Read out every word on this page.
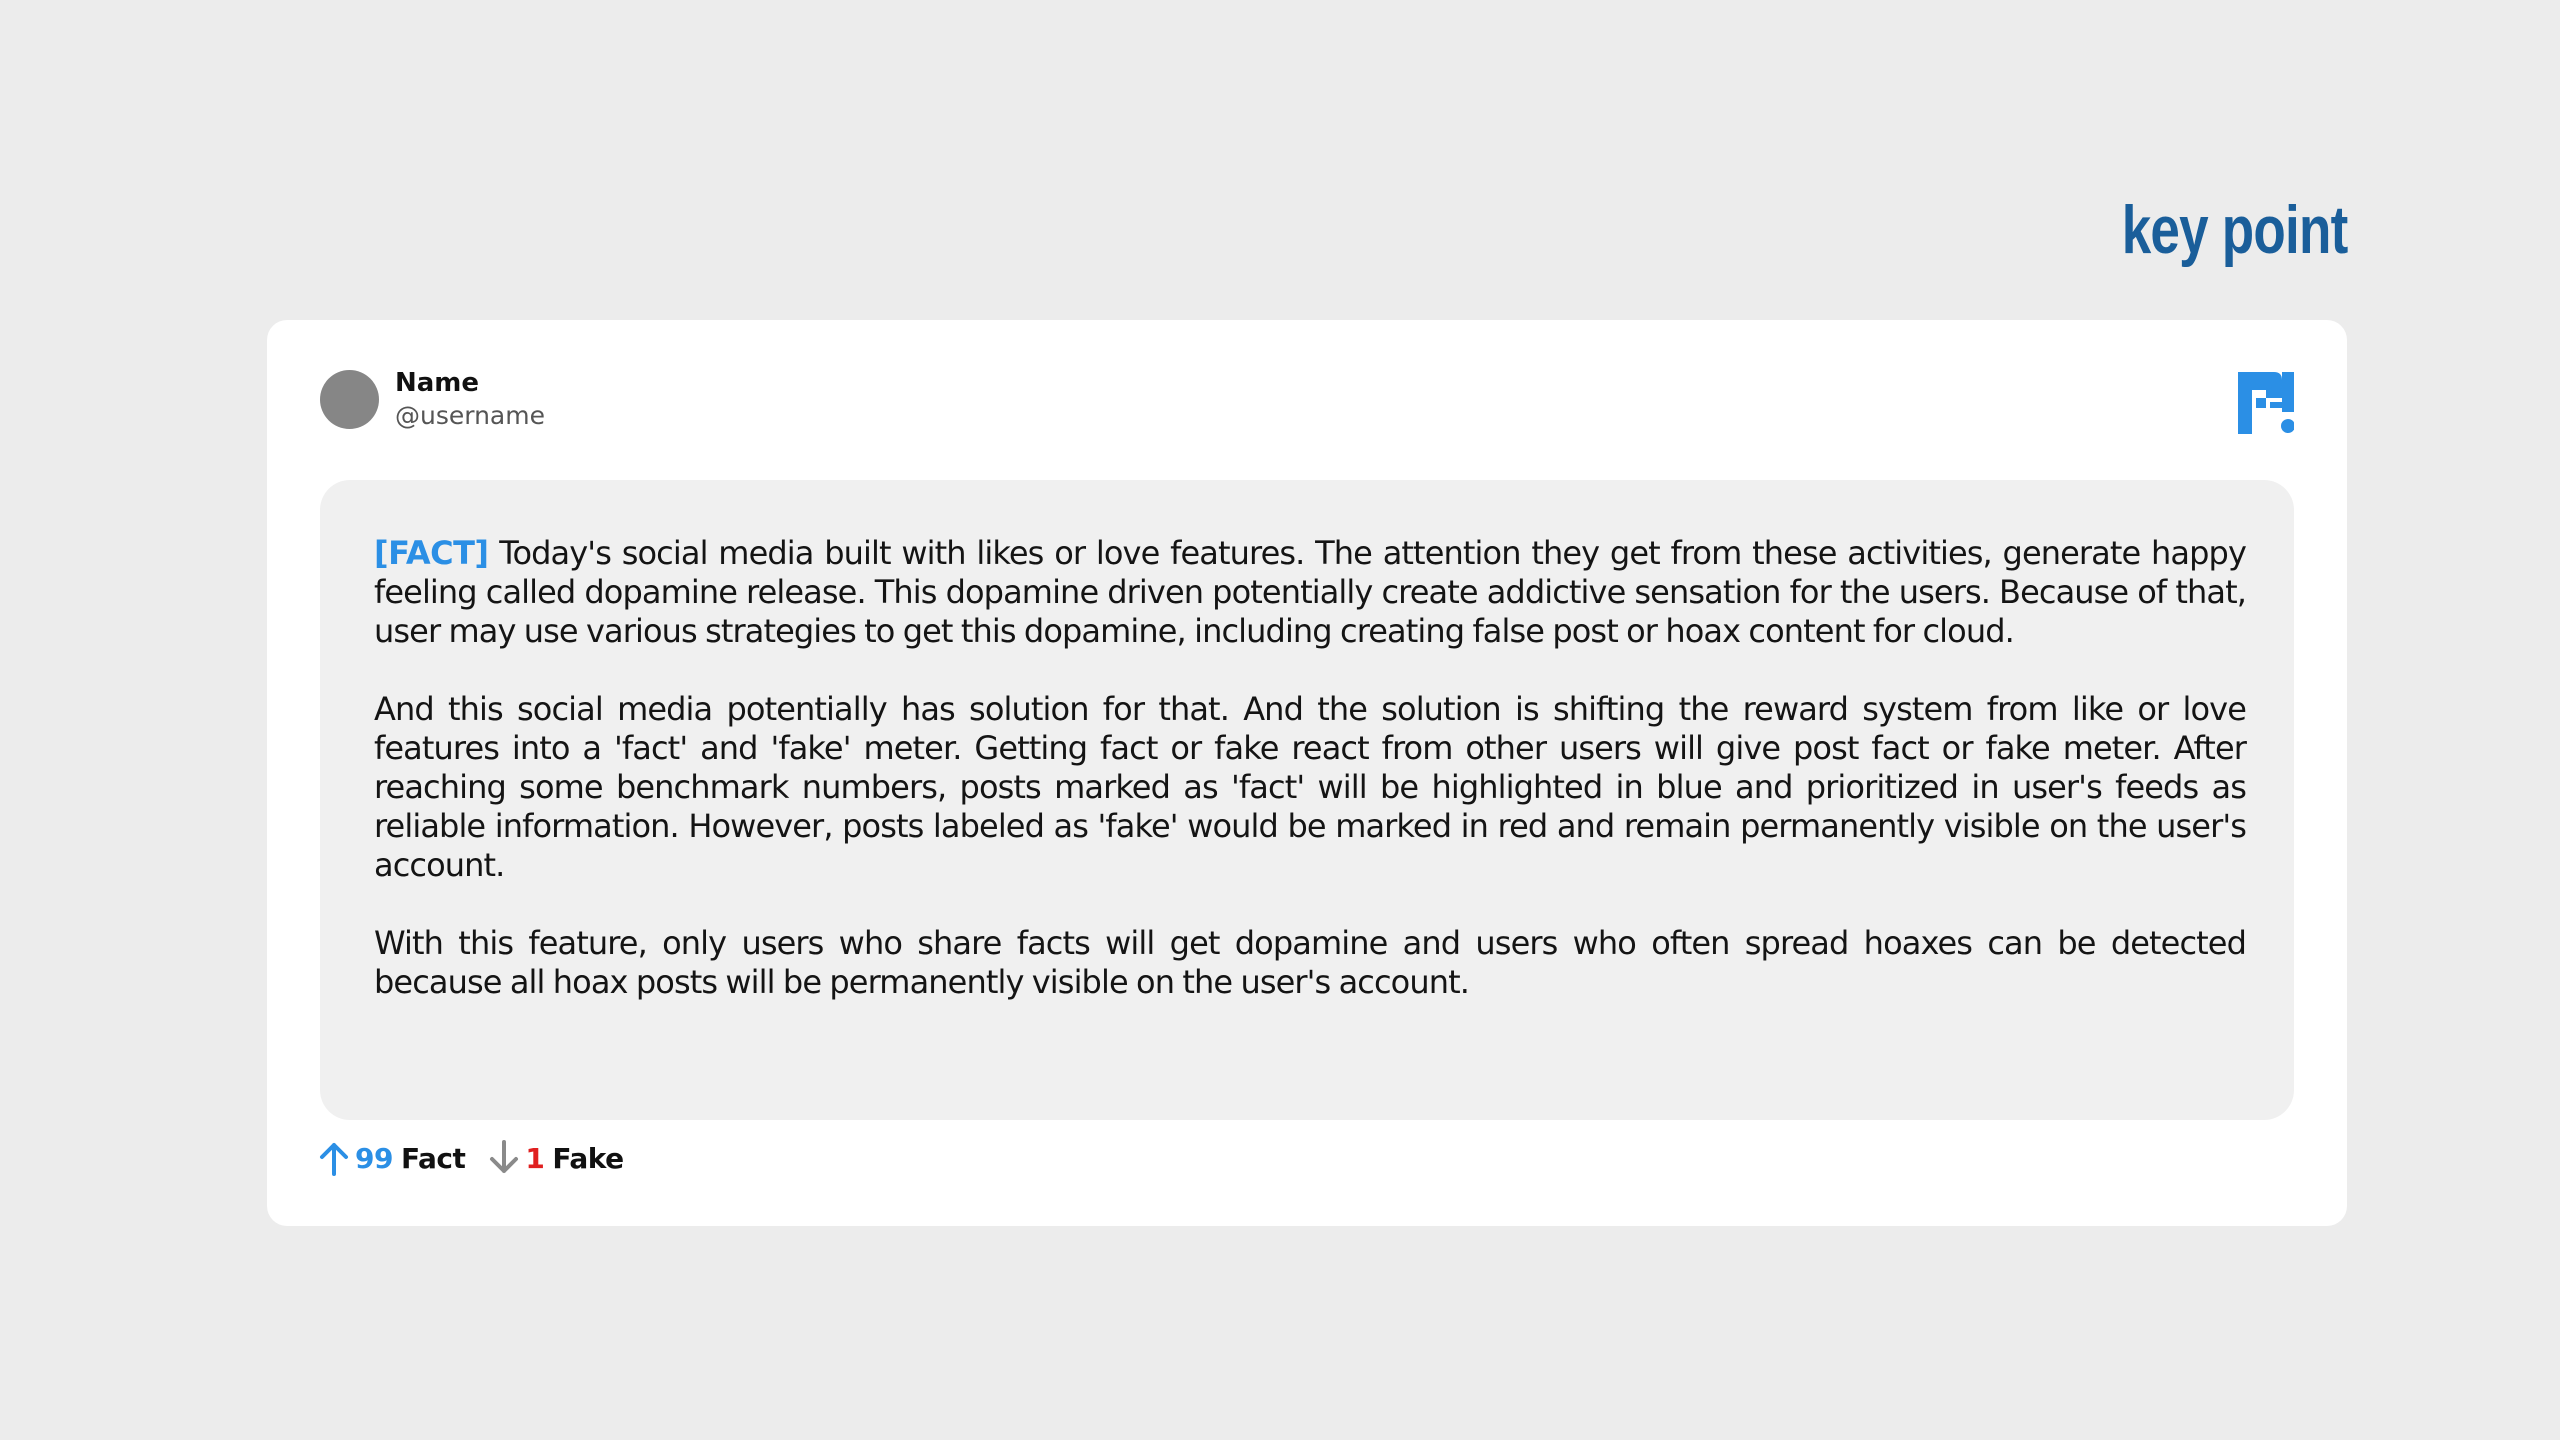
key point
Name
@username

[FACT] Today's social media built with likes or love features. The attention they get from these activities, generate happy feeling called dopamine release. This dopamine driven potentially create addictive sensation for the users. Because of that, user may use various strategies to get this dopamine, including creating false post or hoax content for cloud.

And this social media potentially has solution for that. And the solution is shifting the reward system from like or love features into a 'fact' and 'fake' meter. Getting fact or fake react from other users will give post fact or fake meter. After reaching some benchmark numbers, posts marked as 'fact' will be highlighted in blue and prioritized in user's feeds as reliable information. However, posts labeled as 'fake' would be marked in red and remain permanently visible on the user's account.

With this feature, only users who share facts will get dopamine and users who often spread hoaxes can be detected because all hoax posts will be permanently visible on the user's account.

99 Fact 1 Fake
